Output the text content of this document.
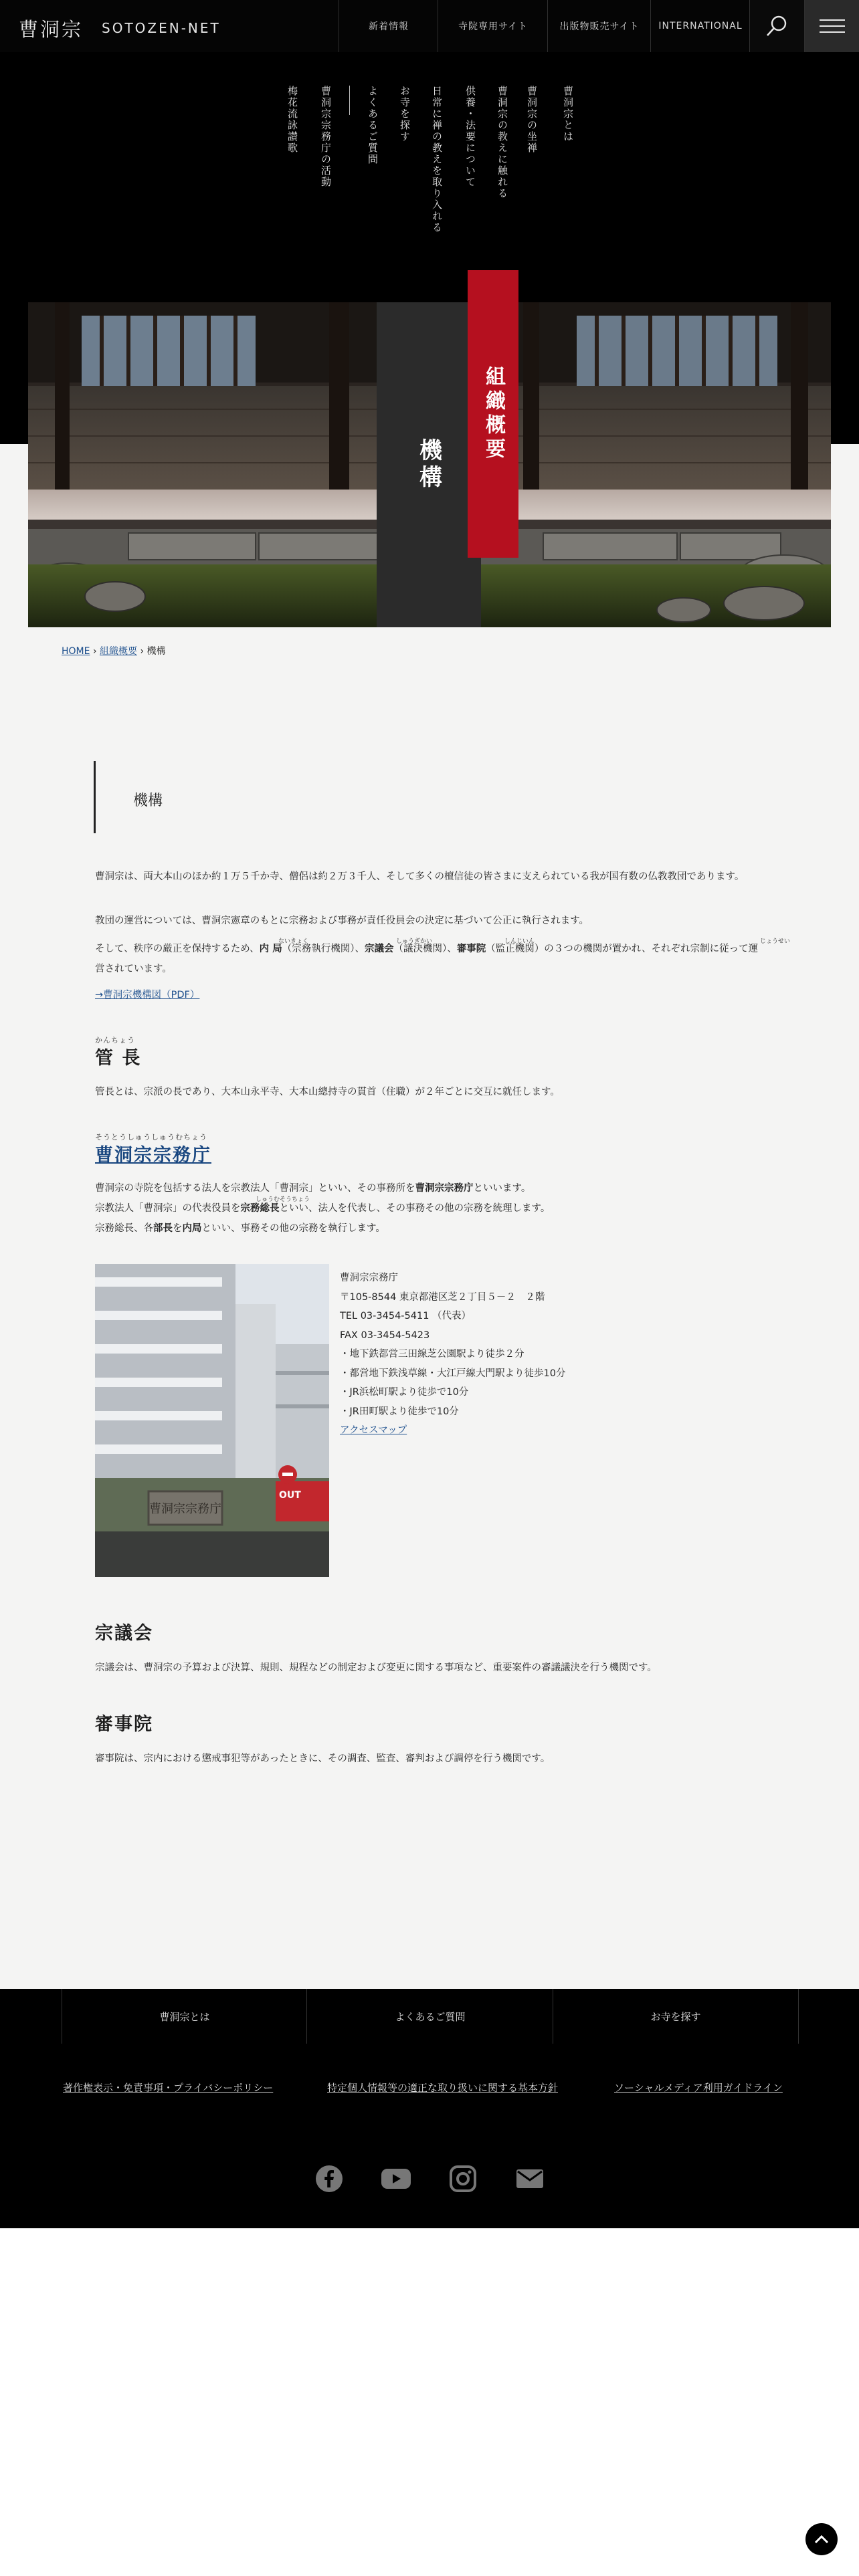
曹洞宗 SOTOZEN-NET	新着情報	寺院専用サイト	出版物販売サイト	INTERNATIONAL
曹洞宗とは
曹洞宗の坐禅
曹洞宗の教えに触れる
供養・法要について
日常に禅の教えを取り入れる
お寺を探す
よくあるご質問
曹洞宗宗務庁の活動
梅花流詠讃歌
機構
組織概要
HOME › 組織概要 › 機構
機構
曹洞宗は、両大本山のほか約１万５千か寺、僧侶は約２万３千人、そして多くの檀信徒の皆さまに支えられている我が国有数の仏教教団であります。
教団の運営については、曹洞宗憲章のもとに宗務および事務が責任役員会の決定に基づいて公正に執行されます。
ないきょく	しゅうぎかい	しんじいん	じょうせい
そして、秩序の厳正を保持するため、内 局（宗務執行機関）、宗議会（議決機関）、審事院（監正機関）の３つの機関が置かれ、それぞれ宗制に従って運営されています。
→曹洞宗機構図（PDF）
かんちょう
管 長
管長とは、宗派の長であり、大本山永平寺、大本山總持寺の貫首（住職）が２年ごとに交互に就任します。
そうとうしゅうしゅうむちょう
曹洞宗宗務庁
しゅうむそうちょう
曹洞宗の寺院を包括する法人を宗教法人「曹洞宗」といい、その事務所を曹洞宗宗務庁といいます。
宗教法人「曹洞宗」の代表役員を宗務総長といい、法人を代表し、その事務その他の宗務を統理します。
宗務総長、各部長を内局といい、事務その他の宗務を執行します。
曹洞宗宗務庁
OUT
曹洞宗宗務庁
〒105-8544 東京都港区芝２丁目５－２　２階
TEL 03-3454-5411 （代表）
FAX 03-3454-5423
・地下鉄都営三田線芝公園駅より徒歩２分
・都営地下鉄浅草線・大江戸線大門駅より徒歩10分
・JR浜松町駅より徒歩で10分
・JR田町駅より徒歩で10分
アクセスマップ
宗議会
宗議会は、曹洞宗の予算および決算、規則、規程などの制定および変更に関する事項など、重要案件の審議議決を行う機関です。
審事院
審事院は、宗内における懲戒事犯等があったときに、その調査、監査、審判および調停を行う機関です。
曹洞宗とは	よくあるご質問	お寺を探す
著作権表示・免責事項・プライバシーポリシー	特定個人情報等の適正な取り扱いに関する基本方針	ソーシャルメディア利用ガイドライン
